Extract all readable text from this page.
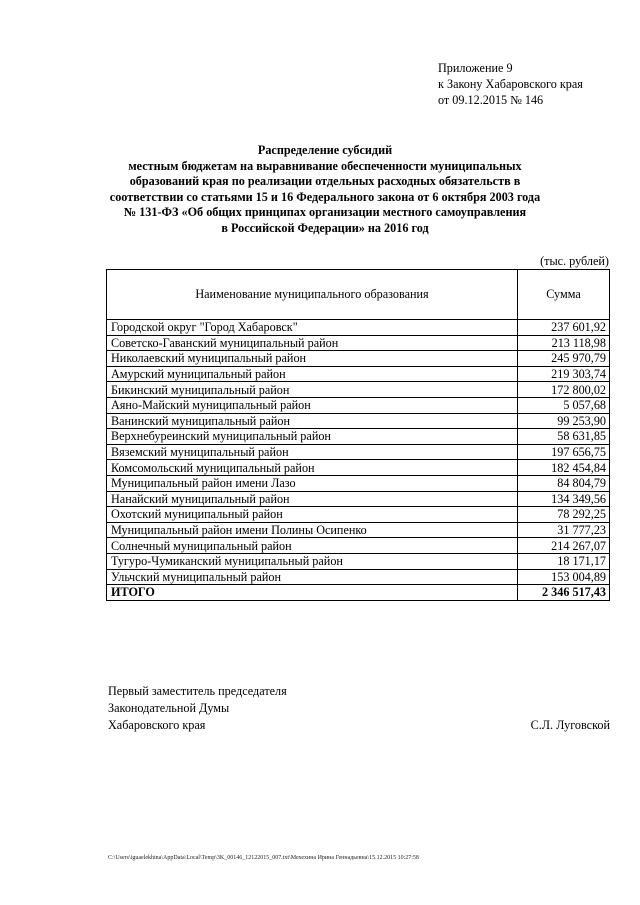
Приложение 9
к Закону Хабаровского края
от 09.12.2015 № 146
Распределение субсидий
местным бюджетам на выравнивание обеспеченности муниципальных
образований края по реализации отдельных расходных обязательств в
соответствии со статьями 15 и 16 Федерального закона от 6 октября 2003 года
№ 131-ФЗ «Об общих принципах организации местного самоуправления
в Российской Федерации» на 2016 год
(тыс. рублей)
Наименование муниципального образования	Сумма
Городской округ "Город Хабаровск"	237 601,92
Советско-Гаванский муниципальный район	213 118,98
Николаевский муниципальный район	245 970,79
Амурский муниципальный район	219 303,74
Бикинский муниципальный район	172 800,02
Аяно-Майский муниципальный район	5 057,68
Ванинский муниципальный район	99 253,90
Верхнебуреинский муниципальный район	58 631,85
Вяземский муниципальный район	197 656,75
Комсомольский муниципальный район	182 454,84
Муниципальный район имени Лазо	84 804,79
Нанайский муниципальный район	134 349,56
Охотский муниципальный район	78 292,25
Муниципальный район имени Полины Осипенко	31 777,23
Солнечный муниципальный район	214 267,07
Тугуро-Чумиканский муниципальный район	18 171,17
Ульчский муниципальный район	153 004,89
ИТОГО	2 346 517,43
Первый заместитель председателя
Законодательной Думы
Хабаровского края	С.Л. Луговской
C:\Users\iguaelekhina\AppData\Local\Temp\3K_00146_12122015_007.txt\Мехехина Ирина Геннадьевна\15.12.2015 10:27:58
